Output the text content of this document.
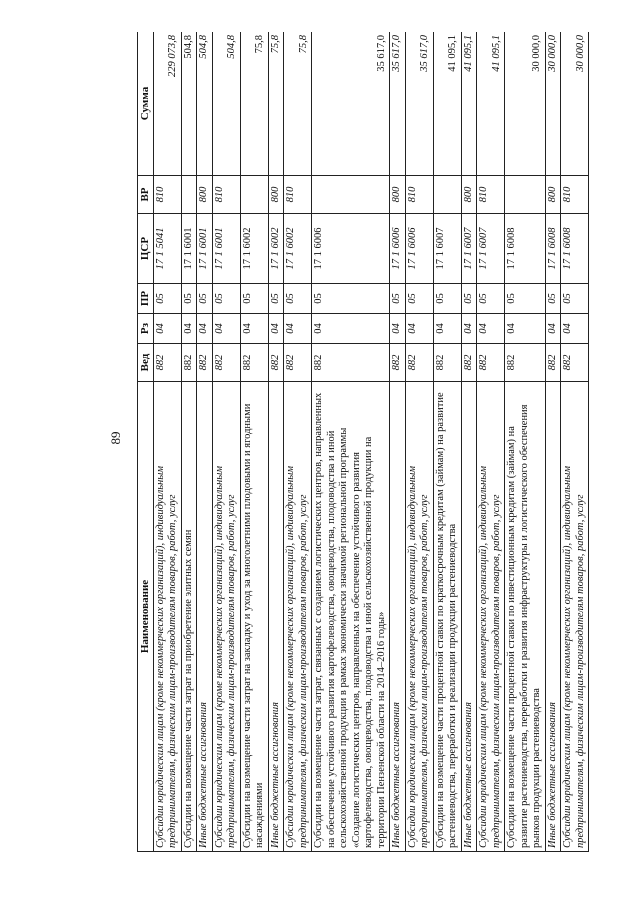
89
Наименование	Вед	Рз	ПР	ЦСР	ВР	Сумма
Субсидии юридическим лицам (кроме некоммерческих организаций), индивидуальным предпринимателям, физическим лицам-производителям товаров, работ, услуг	882	04	05	17 1 5041	810	229 073,8
Субсидии на возмещение части затрат на приобретение элитных семян	882	04	05	17 1 6001		504,8
Иные бюджетные ассигнования	882	04	05	17 1 6001	800	504,8
Субсидии юридическим лицам (кроме некоммерческих организаций), индивидуальным предпринимателям, физическим лицам-производителям товаров, работ, услуг	882	04	05	17 1 6001	810	504,8
Субсидии на возмещение части затрат на закладку и уход за многолетними плодовыми и ягодными насаждениями	882	04	05	17 1 6002		75,8
Иные бюджетные ассигнования	882	04	05	17 1 6002	800	75,8
Субсидии юридическим лицам (кроме некоммерческих организаций), индивидуальным предпринимателям, физическим лицам-производителям товаров, работ, услуг	882	04	05	17 1 6002	810	75,8
Субсидии на возмещение части затрат, связанных с созданием логистических центров, направленных на обеспечение устойчивого развития картофелеводства, овощеводства, плодоводства и иной сельскохозяйственной продукции в рамках экономически значимой региональной программы «Создание логистических центров, направленных на обеспечение устойчивого развития картофелеводства, овощеводства, плодоводства и иной сельскохозяйственной продукции на территории Пензенской области на 2014–2016 годы»	882	04	05	17 1 6006		35 617,0
Иные бюджетные ассигнования	882	04	05	17 1 6006	800	35 617,0
Субсидии юридическим лицам (кроме некоммерческих организаций), индивидуальным предпринимателям, физическим лицам-производителям товаров, работ, услуг	882	04	05	17 1 6006	810	35 617,0
Субсидии на возмещение части процентной ставки по краткосрочным кредитам (займам) на развитие растениеводства, переработки и реализации продукции растениеводства	882	04	05	17 1 6007		41 095,1
Иные бюджетные ассигнования	882	04	05	17 1 6007	800	41 095,1
Субсидии юридическим лицам (кроме некоммерческих организаций), индивидуальным предпринимателям, физическим лицам-производителям товаров, работ, услуг	882	04	05	17 1 6007	810	41 095,1
Субсидии на возмещение части процентной ставки по инвестиционным кредитам (займам) на развитие растениеводства, переработки и развития инфраструктуры и логистического обеспечения рынков продукции растениеводства	882	04	05	17 1 6008		30 000,0
Иные бюджетные ассигнования	882	04	05	17 1 6008	800	30 000,0
Субсидии юридическим лицам (кроме некоммерческих организаций), индивидуальным предпринимателям, физическим лицам-производителям товаров, работ, услуг	882	04	05	17 1 6008	810	30 000,0
